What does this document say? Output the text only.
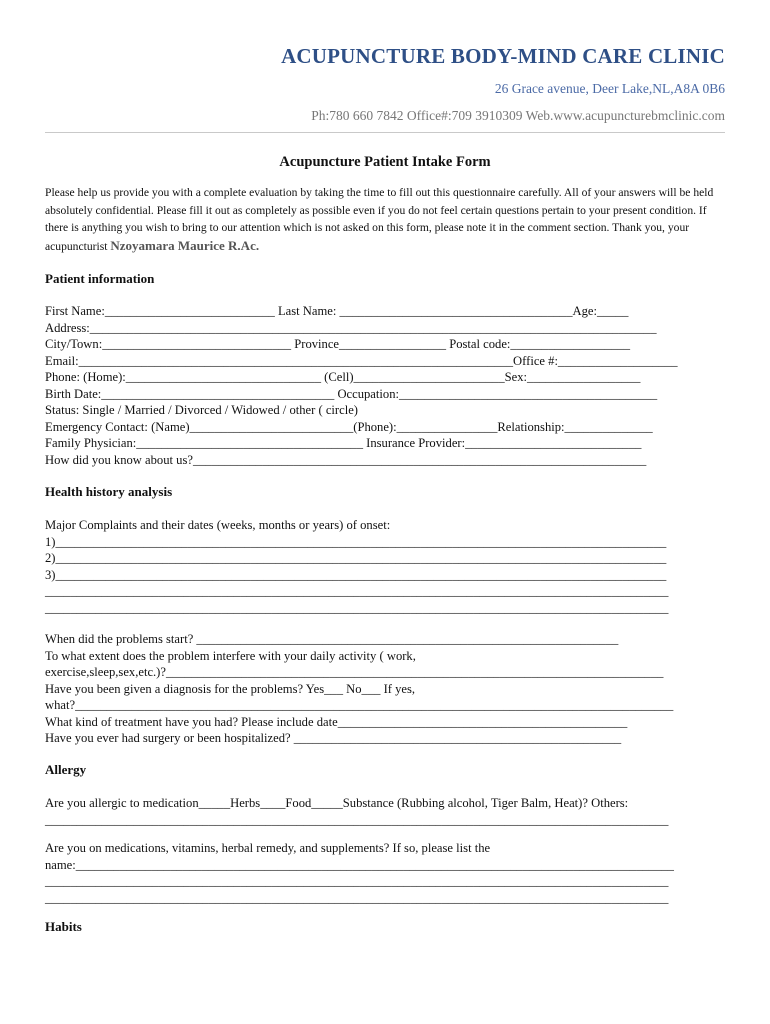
ACUPUNCTURE BODY-MIND CARE CLINIC
26 Grace avenue, Deer Lake,NL,A8A 0B6
Ph:780 660 7842 Office#:709 3910309 Web.www.acupuncturebmclinic.com
Acupuncture Patient Intake Form
Please help us provide you with a complete evaluation by taking the time to fill out this questionnaire carefully. All of your answers will be held absolutely confidential. Please fill it out as completely as possible even if you do not feel certain questions pertain to your present condition. If there is anything you wish to bring to our attention which is not asked on this form, please note it in the comment section. Thank you, your acupuncturist Nzoyamara Maurice R.Ac.
Patient information
First Name:___________________________ Last Name: _____________________________________Age:_____
Address:__________________________________________________________________________________________
City/Town:______________________________ Province_________________ Postal code:___________________
Email:_____________________________________________________________________Office #:___________________
Phone: (Home):_______________________________ (Cell)________________________Sex:__________________
Birth Date:_____________________________________ Occupation:_________________________________________
Status: Single / Married / Divorced / Widowed / other ( circle)
Emergency Contact: (Name)__________________________(Phone):________________Relationship:______________
Family Physician:____________________________________ Insurance Provider:____________________________
How did you know about us?________________________________________________________________________
Health history analysis
Major Complaints and their dates (weeks, months or years) of onset:
1)_________________________________________________________________________________________________
2)_________________________________________________________________________________________________
3)_________________________________________________________________________________________________
___________________________________________________________________________________________________
___________________________________________________________________________________________________
When did the problems start? ___________________________________________________________________
To what extent does the problem interfere with your daily activity ( work,
exercise,sleep,sex,etc.)?_______________________________________________________________________________
Have you been given a diagnosis for the problems? Yes___ No___ If yes,
what?_______________________________________________________________________________________________
What kind of treatment have you had? Please include date______________________________________________
Have you ever had surgery or been hospitalized? ____________________________________________________
Allergy
Are you allergic to medication_____Herbs____Food_____Substance (Rubbing alcohol, Tiger Balm, Heat)? Others:
___________________________________________________________________________________________________
Are you on medications, vitamins, herbal remedy, and supplements? If so, please list the
name:_______________________________________________________________________________________________
___________________________________________________________________________________________________
___________________________________________________________________________________________________
Habits
